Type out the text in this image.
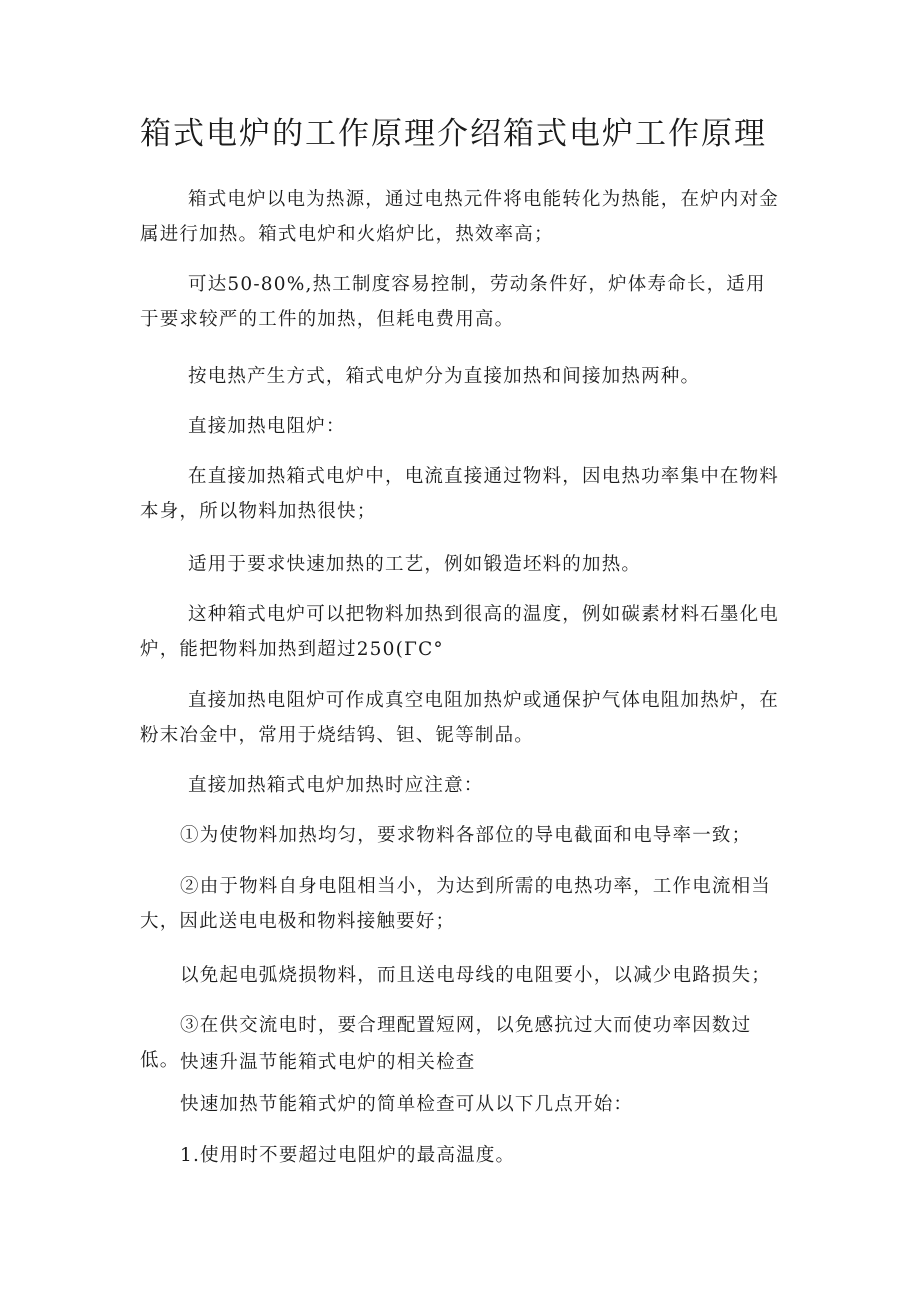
箱式电炉的工作原理介绍箱式电炉工作原理

箱式电炉以电为热源，通过电热元件将电能转化为热能，在炉内对金属进行加热。箱式电炉和火焰炉比，热效率高；

可达50-80%,热工制度容易控制，劳动条件好，炉体寿命长，适用于要求较严的工件的加热，但耗电费用高。

按电热产生方式，箱式电炉分为直接加热和间接加热两种。

直接加热电阻炉：

在直接加热箱式电炉中，电流直接通过物料，因电热功率集中在物料本身，所以物料加热很快；

适用于要求快速加热的工艺，例如锻造坯料的加热。

这种箱式电炉可以把物料加热到很高的温度，例如碳素材料石墨化电炉，能把物料加热到超过250(ΓC°

直接加热电阻炉可作成真空电阻加热炉或通保护气体电阻加热炉，在粉末冶金中，常用于烧结钨、钽、铌等制品。

直接加热箱式电炉加热时应注意：

①为使物料加热均匀，要求物料各部位的导电截面和电导率一致；

②由于物料自身电阻相当小，为达到所需的电热功率，工作电流相当大，因此送电电极和物料接触要好；

以免起电弧烧损物料，而且送电母线的电阻要小，以减少电路损失；

③在供交流电时，要合理配置短网，以免感抗过大而使功率因数过低。 快速升温节能箱式电炉的相关检查

快速加热节能箱式炉的简单检查可从以下几点开始：

1.使用时不要超过电阻炉的最高温度。
